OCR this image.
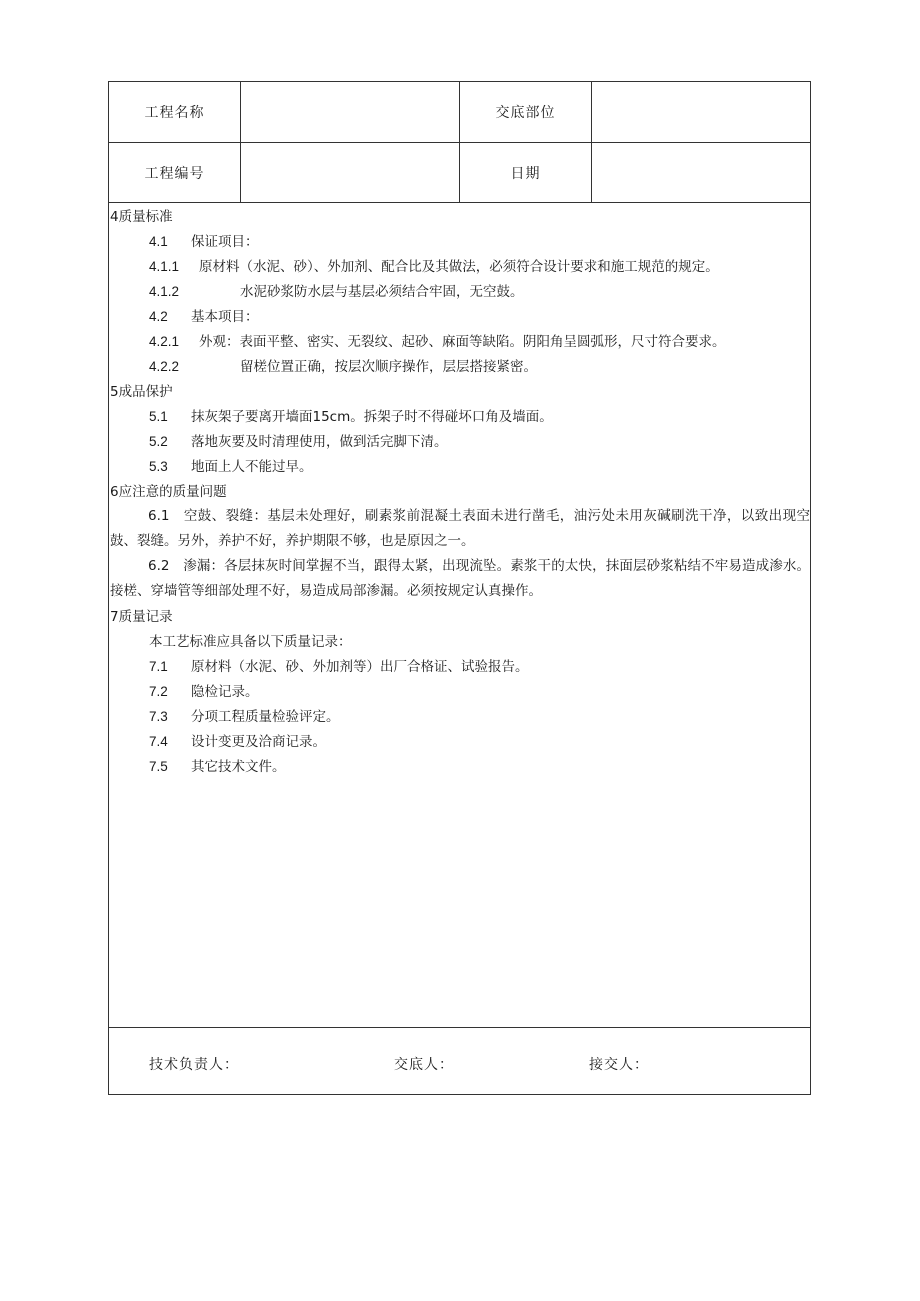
工程名称	交底部位
工程编号	日期
4质量标准
4.1 保证项目：
4.1.1 原材料（水泥、砂）、外加剂、配合比及其做法，必须符合设计要求和施工规范的规定。
4.1.2	水泥砂浆防水层与基层必须结合牢固，无空鼓。
4.2 基本项目：
4.2.1 外观：表面平整、密实、无裂纹、起砂、麻面等缺陷。阴阳角呈圆弧形，尺寸符合要求。
4.2.2	留槎位置正确，按层次顺序操作，层层搭接紧密。
5成品保护
5.1 抹灰架子要离开墙面15cm。拆架子时不得碰坏口角及墙面。
5.2 落地灰要及时清理使用，做到活完脚下清。
5.3 地面上人不能过早。
6应注意的质量问题
6.1　空鼓、裂缝：基层未处理好，刷素浆前混凝土表面未进行凿毛，油污处未用灰碱刷洗干净，以致出现空鼓、裂缝。另外，养护不好，养护期限不够，也是原因之一。
6.2　渗漏：各层抹灰时间掌握不当，跟得太紧，出现流坠。素浆干的太快，抹面层砂浆粘结不牢易造成渗水。接槎、穿墙管等细部处理不好，易造成局部渗漏。必须按规定认真操作。
7质量记录
本工艺标准应具备以下质量记录：
7.1 原材料（水泥、砂、外加剂等）出厂合格证、试验报告。
7.2 隐检记录。
7.3 分项工程质量检验评定。
7.4 设计变更及洽商记录。
7.5 其它技术文件。
技术负责人：	交底人：	接交人：
